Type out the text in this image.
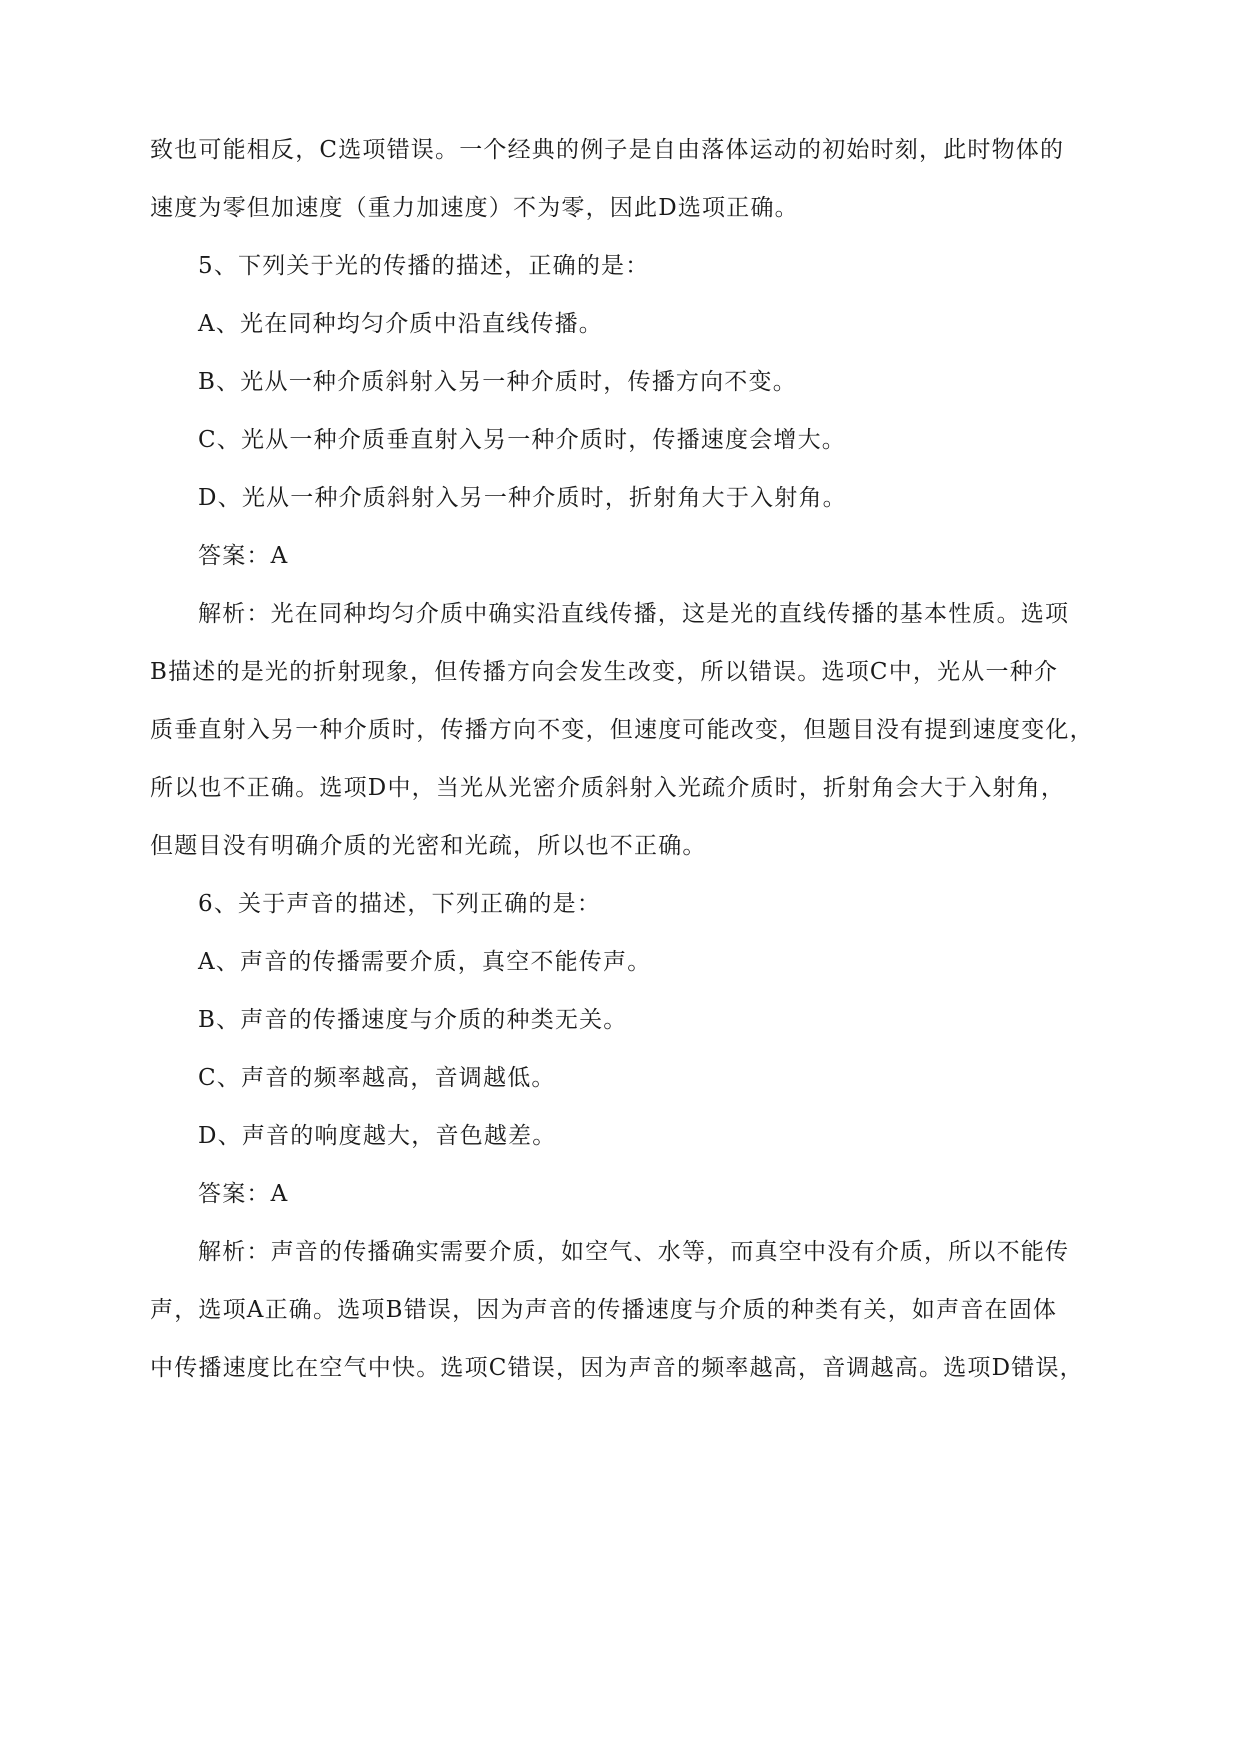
致也可能相反，C选项错误。一个经典的例子是自由落体运动的初始时刻，此时物体的
速度为零但加速度（重力加速度）不为零，因此D选项正确。
5、下列关于光的传播的描述，正确的是：
A、光在同种均匀介质中沿直线传播。
B、光从一种介质斜射入另一种介质时，传播方向不变。
C、光从一种介质垂直射入另一种介质时，传播速度会增大。
D、光从一种介质斜射入另一种介质时，折射角大于入射角。
答案：A
解析：光在同种均匀介质中确实沿直线传播，这是光的直线传播的基本性质。选项
B描述的是光的折射现象，但传播方向会发生改变，所以错误。选项C中，光从一种介
质垂直射入另一种介质时，传播方向不变，但速度可能改变，但题目没有提到速度变化，
所以也不正确。选项D中，当光从光密介质斜射入光疏介质时，折射角会大于入射角，
但题目没有明确介质的光密和光疏，所以也不正确。
6、关于声音的描述，下列正确的是：
A、声音的传播需要介质，真空不能传声。
B、声音的传播速度与介质的种类无关。
C、声音的频率越高，音调越低。
D、声音的响度越大，音色越差。
答案：A
解析：声音的传播确实需要介质，如空气、水等，而真空中没有介质，所以不能传
声，选项A正确。选项B错误，因为声音的传播速度与介质的种类有关，如声音在固体
中传播速度比在空气中快。选项C错误，因为声音的频率越高，音调越高。选项D错误，
